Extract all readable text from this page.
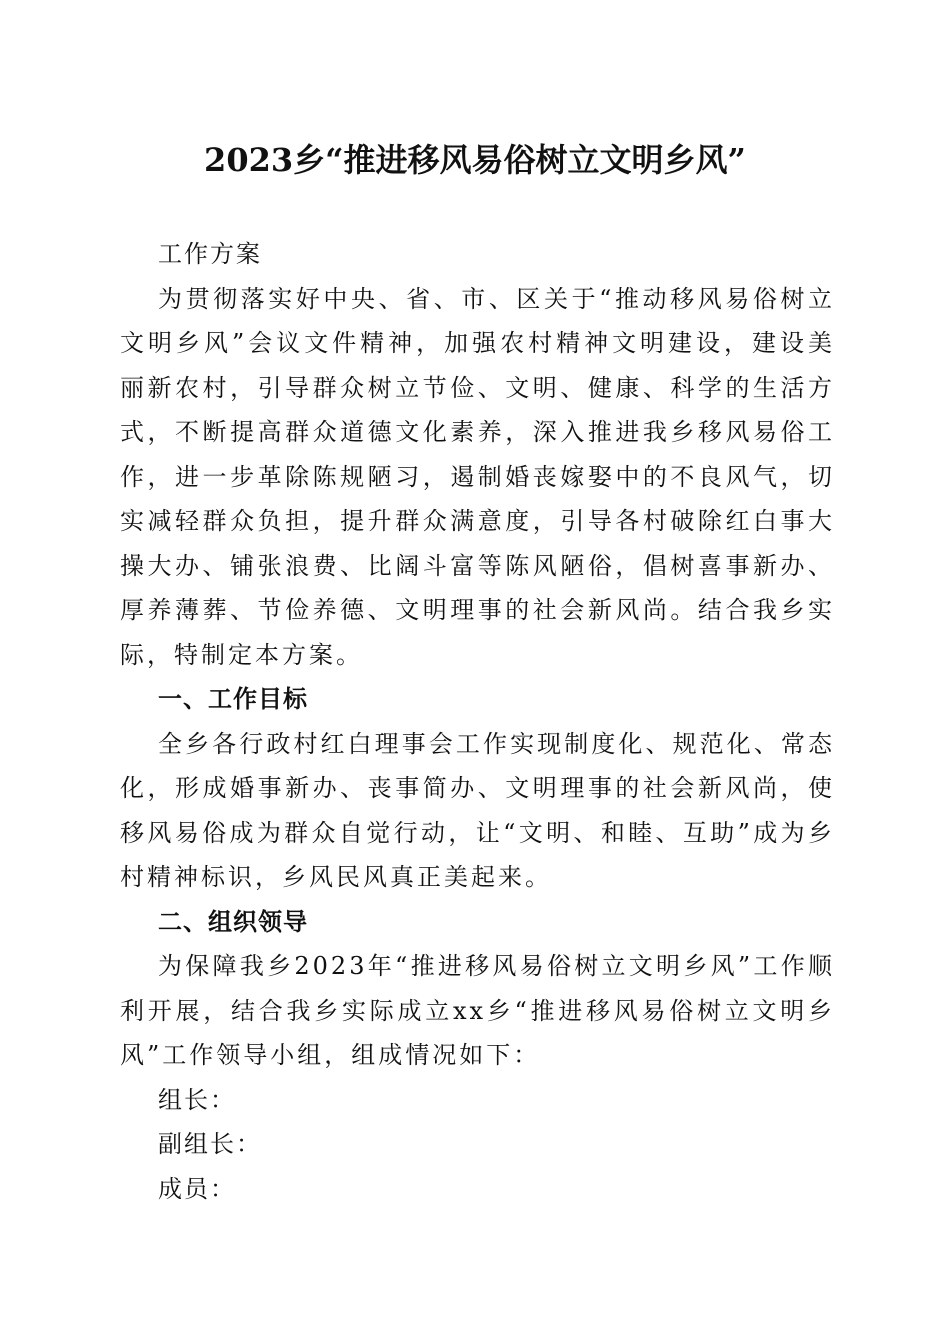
2023乡“推进移风易俗树立文明乡风”

工作方案

为贯彻落实好中央、省、市、区关于“推动移风易俗树立文明乡风”会议文件精神，加强农村精神文明建设，建设美丽新农村，引导群众树立节俭、文明、健康、科学的生活方式，不断提高群众道德文化素养，深入推进我乡移风易俗工作，进一步革除陈规陋习，遏制婚丧嫁娶中的不良风气，切实减轻群众负担，提升群众满意度，引导各村破除红白事大操大办、铺张浪费、比阔斗富等陈风陋俗，倡树喜事新办、厚养薄葬、节俭养德、文明理事的社会新风尚。结合我乡实际，特制定本方案。

一、工作目标

全乡各行政村红白理事会工作实现制度化、规范化、常态化，形成婚事新办、丧事简办、文明理事的社会新风尚，使移风易俗成为群众自觉行动，让“文明、和睦、互助”成为乡村精神标识，乡风民风真正美起来。

二、组织领导

为保障我乡2023年“推进移风易俗树立文明乡风”工作顺利开展，结合我乡实际成立xx乡“推进移风易俗树立文明乡风”工作领导小组，组成情况如下：

组长：

副组长：

成员：
